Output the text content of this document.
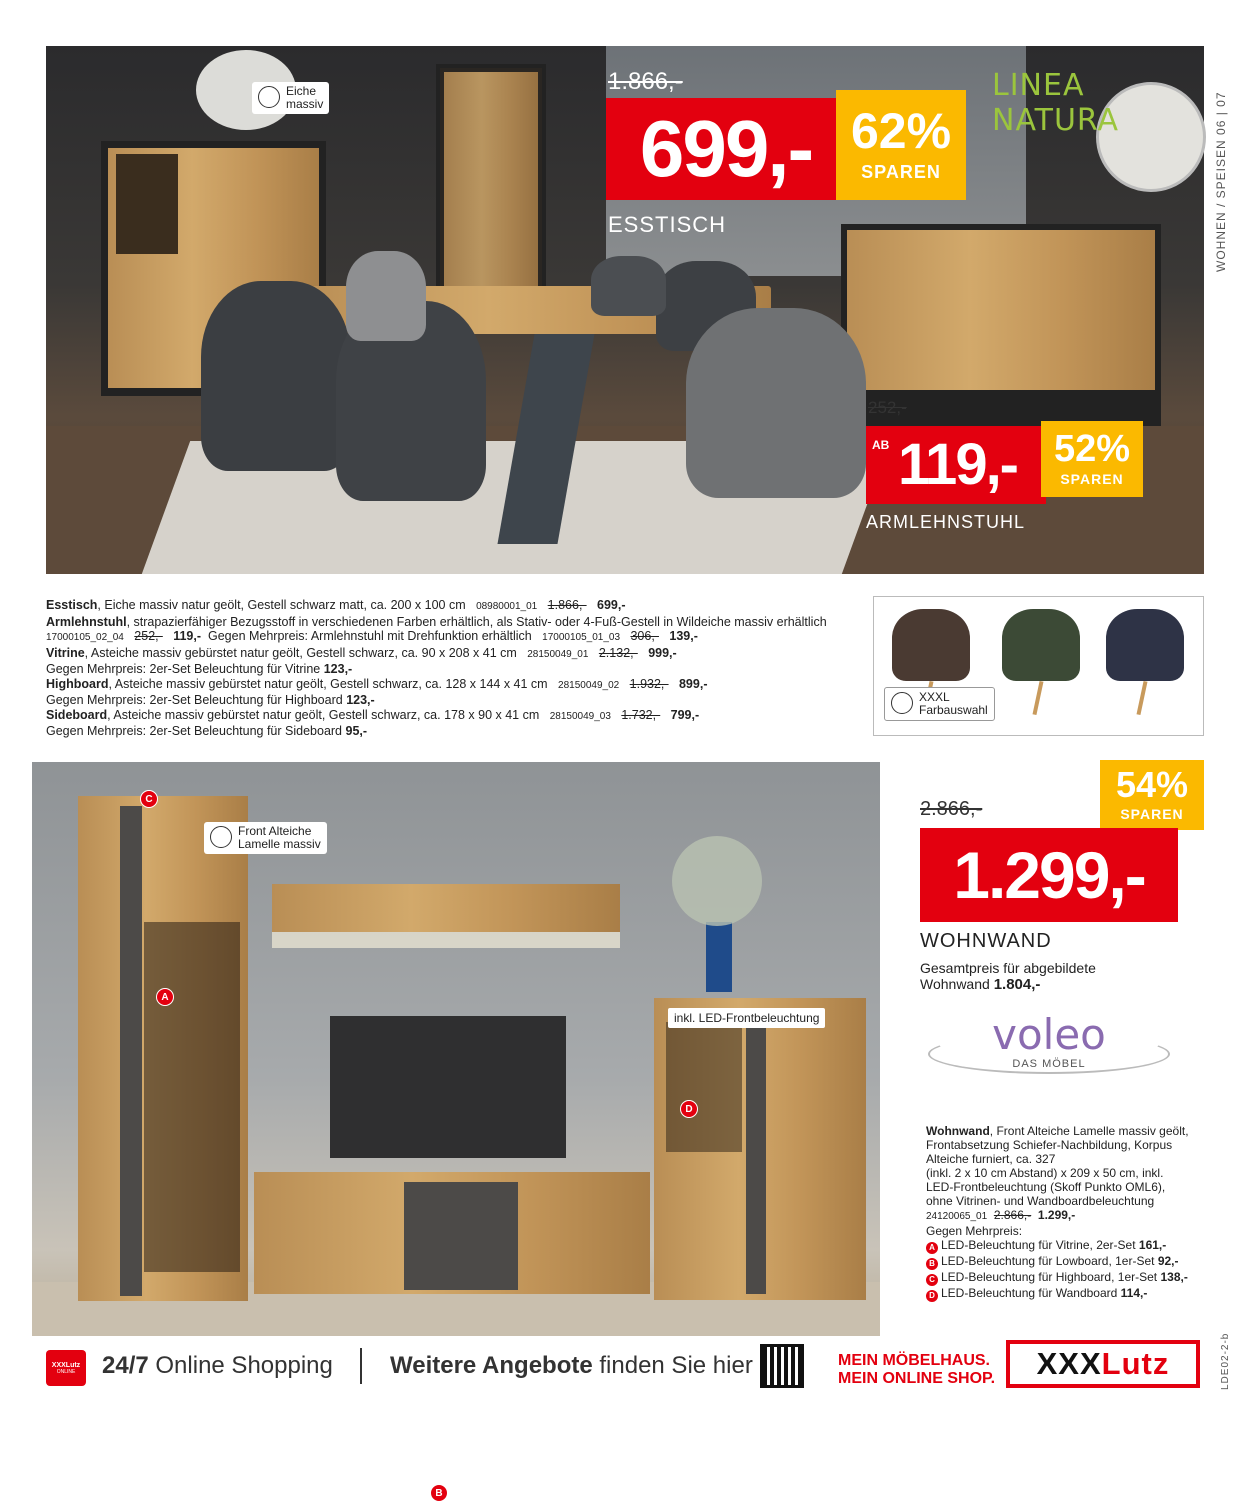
WOHNEN / SPEISEN 06 | 07
Eiche
massiv
LINEA NATURA
1.866,-
699,- 62%
SPAREN
ESSTISCH
252,-
AB 119,- 52%
SPAREN
ARMLEHNSTUHL
Esstisch, Eiche massiv natur geölt, Gestell schwarz matt, ca. 200 x 100 cm 08980001_01 1.866,- 699,-
Armlehnstuhl, strapazierfähiger Bezugsstoff in verschiedenen Farben erhältlich, als Stativ- oder 4-Fuß-Gestell in Wildeiche massiv erhältlich
17000105_02_04 252,- 119,- Gegen Mehrpreis: Armlehnstuhl mit Drehfunktion erhältlich 17000105_01_03 306,- 139,-
Vitrine, Asteiche massiv gebürstet natur geölt, Gestell schwarz, ca. 90 x 208 x 41 cm 28150049_01 2.132,- 999,-
Gegen Mehrpreis: 2er-Set Beleuchtung für Vitrine 123,-
Highboard, Asteiche massiv gebürstet natur geölt, Gestell schwarz, ca. 128 x 144 x 41 cm 28150049_02 1.932,- 899,-
Gegen Mehrpreis: 2er-Set Beleuchtung für Highboard 123,-
Sideboard, Asteiche massiv gebürstet natur geölt, Gestell schwarz, ca. 178 x 90 x 41 cm 28150049_03 1.732,- 799,-
Gegen Mehrpreis: 2er-Set Beleuchtung für Sideboard 95,-
XXXL
Farbauswahl
C
A
B
D
Front Alteiche
Lamelle massiv
inkl. LED-Frontbeleuchtung
2.866,-
54%
SPAREN
1.299,-
WOHNWAND
Gesamtpreis für abgebildete
Wohnwand 1.804,-
voleo
DAS MÖBEL
Wohnwand, Front Alteiche Lamelle massiv geölt,
Frontabsetzung Schiefer-Nachbildung, Korpus
Alteiche furniert, ca. 327
(inkl. 2 x 10 cm Abstand) x 209 x 50 cm, inkl.
LED-Frontbeleuchtung (Skoff Punkto OML6),
ohne Vitrinen- und Wandboardbeleuchtung
24120065_01 2.866,- 1.299,-
Gegen Mehrpreis:
A LED-Beleuchtung für Vitrine, 2er-Set 161,-
B LED-Beleuchtung für Lowboard, 1er-Set 92,-
C LED-Beleuchtung für Highboard, 1er-Set 138,-
D LED-Beleuchtung für Wandboard 114,-
XXXLutz
ONLINE	24/7 Online Shopping Weitere Angebote finden Sie hier	MEIN MÖBELHAUS.
MEIN ONLINE SHOP.	XXXLutz	LDE02-2-b
